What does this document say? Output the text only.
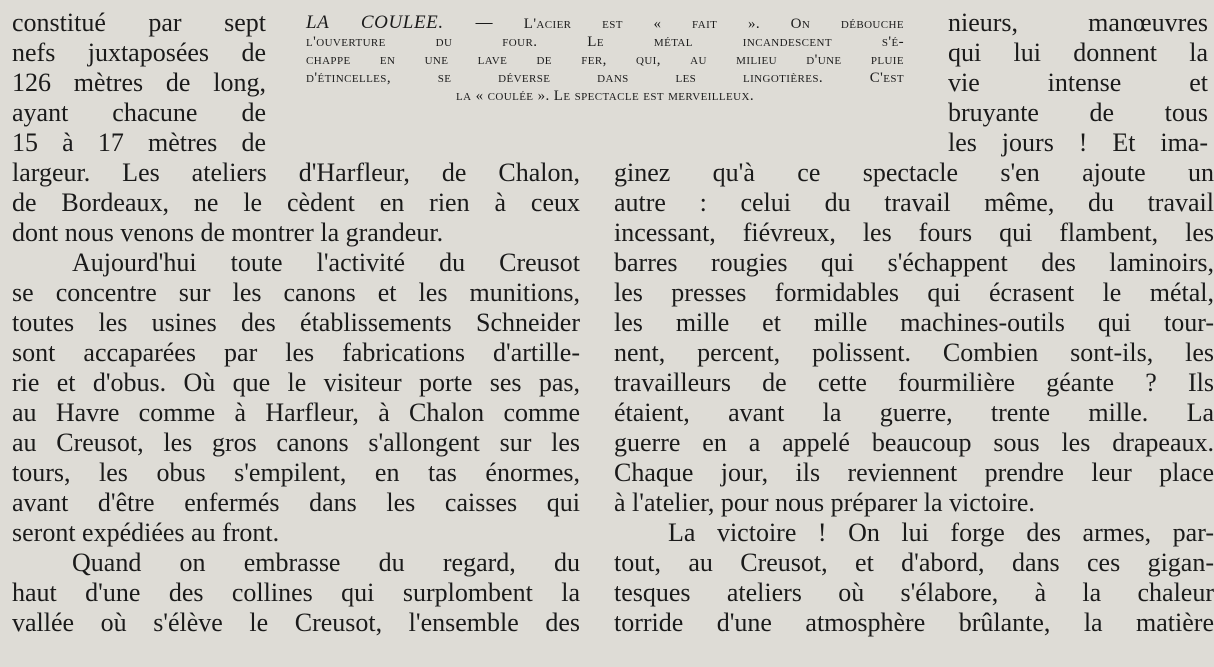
constitué par sept
nefs juxtaposées de
126 mètres de long,
ayant chacune de
15 à 17 mètres de
LA COULEE. — L'acier est « fait ». On débouche
l'ouverture du four. Le métal incandescent s'é-
chappe en une lave de fer, qui, au milieu d'une pluie
d'étincelles, se déverse dans les lingotières. C'est
la « coulée ». Le spectacle est merveilleux.
nieurs, manœuvres
qui lui donnent la
vie intense et
bruyante de tous
les jours ! Et ima-
largeur. Les ateliers d'Harfleur, de Chalon,
de Bordeaux, ne le cèdent en rien à ceux
dont nous venons de montrer la grandeur.
Aujourd'hui toute l'activité du Creusot
se concentre sur les canons et les munitions,
toutes les usines des établissements Schneider
sont accaparées par les fabrications d'artille-
rie et d'obus. Où que le visiteur porte ses pas,
au Havre comme à Harfleur, à Chalon comme
au Creusot, les gros canons s'allongent sur les
tours, les obus s'empilent, en tas énormes,
avant d'être enfermés dans les caisses qui
seront expédiées au front.
Quand on embrasse du regard, du
haut d'une des collines qui surplombent la
vallée où s'élève le Creusot, l'ensemble des
ginez qu'à ce spectacle s'en ajoute un
autre : celui du travail même, du travail
incessant, fiévreux, les fours qui flambent, les
barres rougies qui s'échappent des laminoirs,
les presses formidables qui écrasent le métal,
les mille et mille machines-outils qui tour-
nent, percent, polissent. Combien sont-ils, les
travailleurs de cette fourmilière géante ? Ils
étaient, avant la guerre, trente mille. La
guerre en a appelé beaucoup sous les drapeaux.
Chaque jour, ils reviennent prendre leur place
à l'atelier, pour nous préparer la victoire.
La victoire ! On lui forge des armes, par-
tout, au Creusot, et d'abord, dans ces gigan-
tesques ateliers où s'élabore, à la chaleur
torride d'une atmosphère brûlante, la matière
